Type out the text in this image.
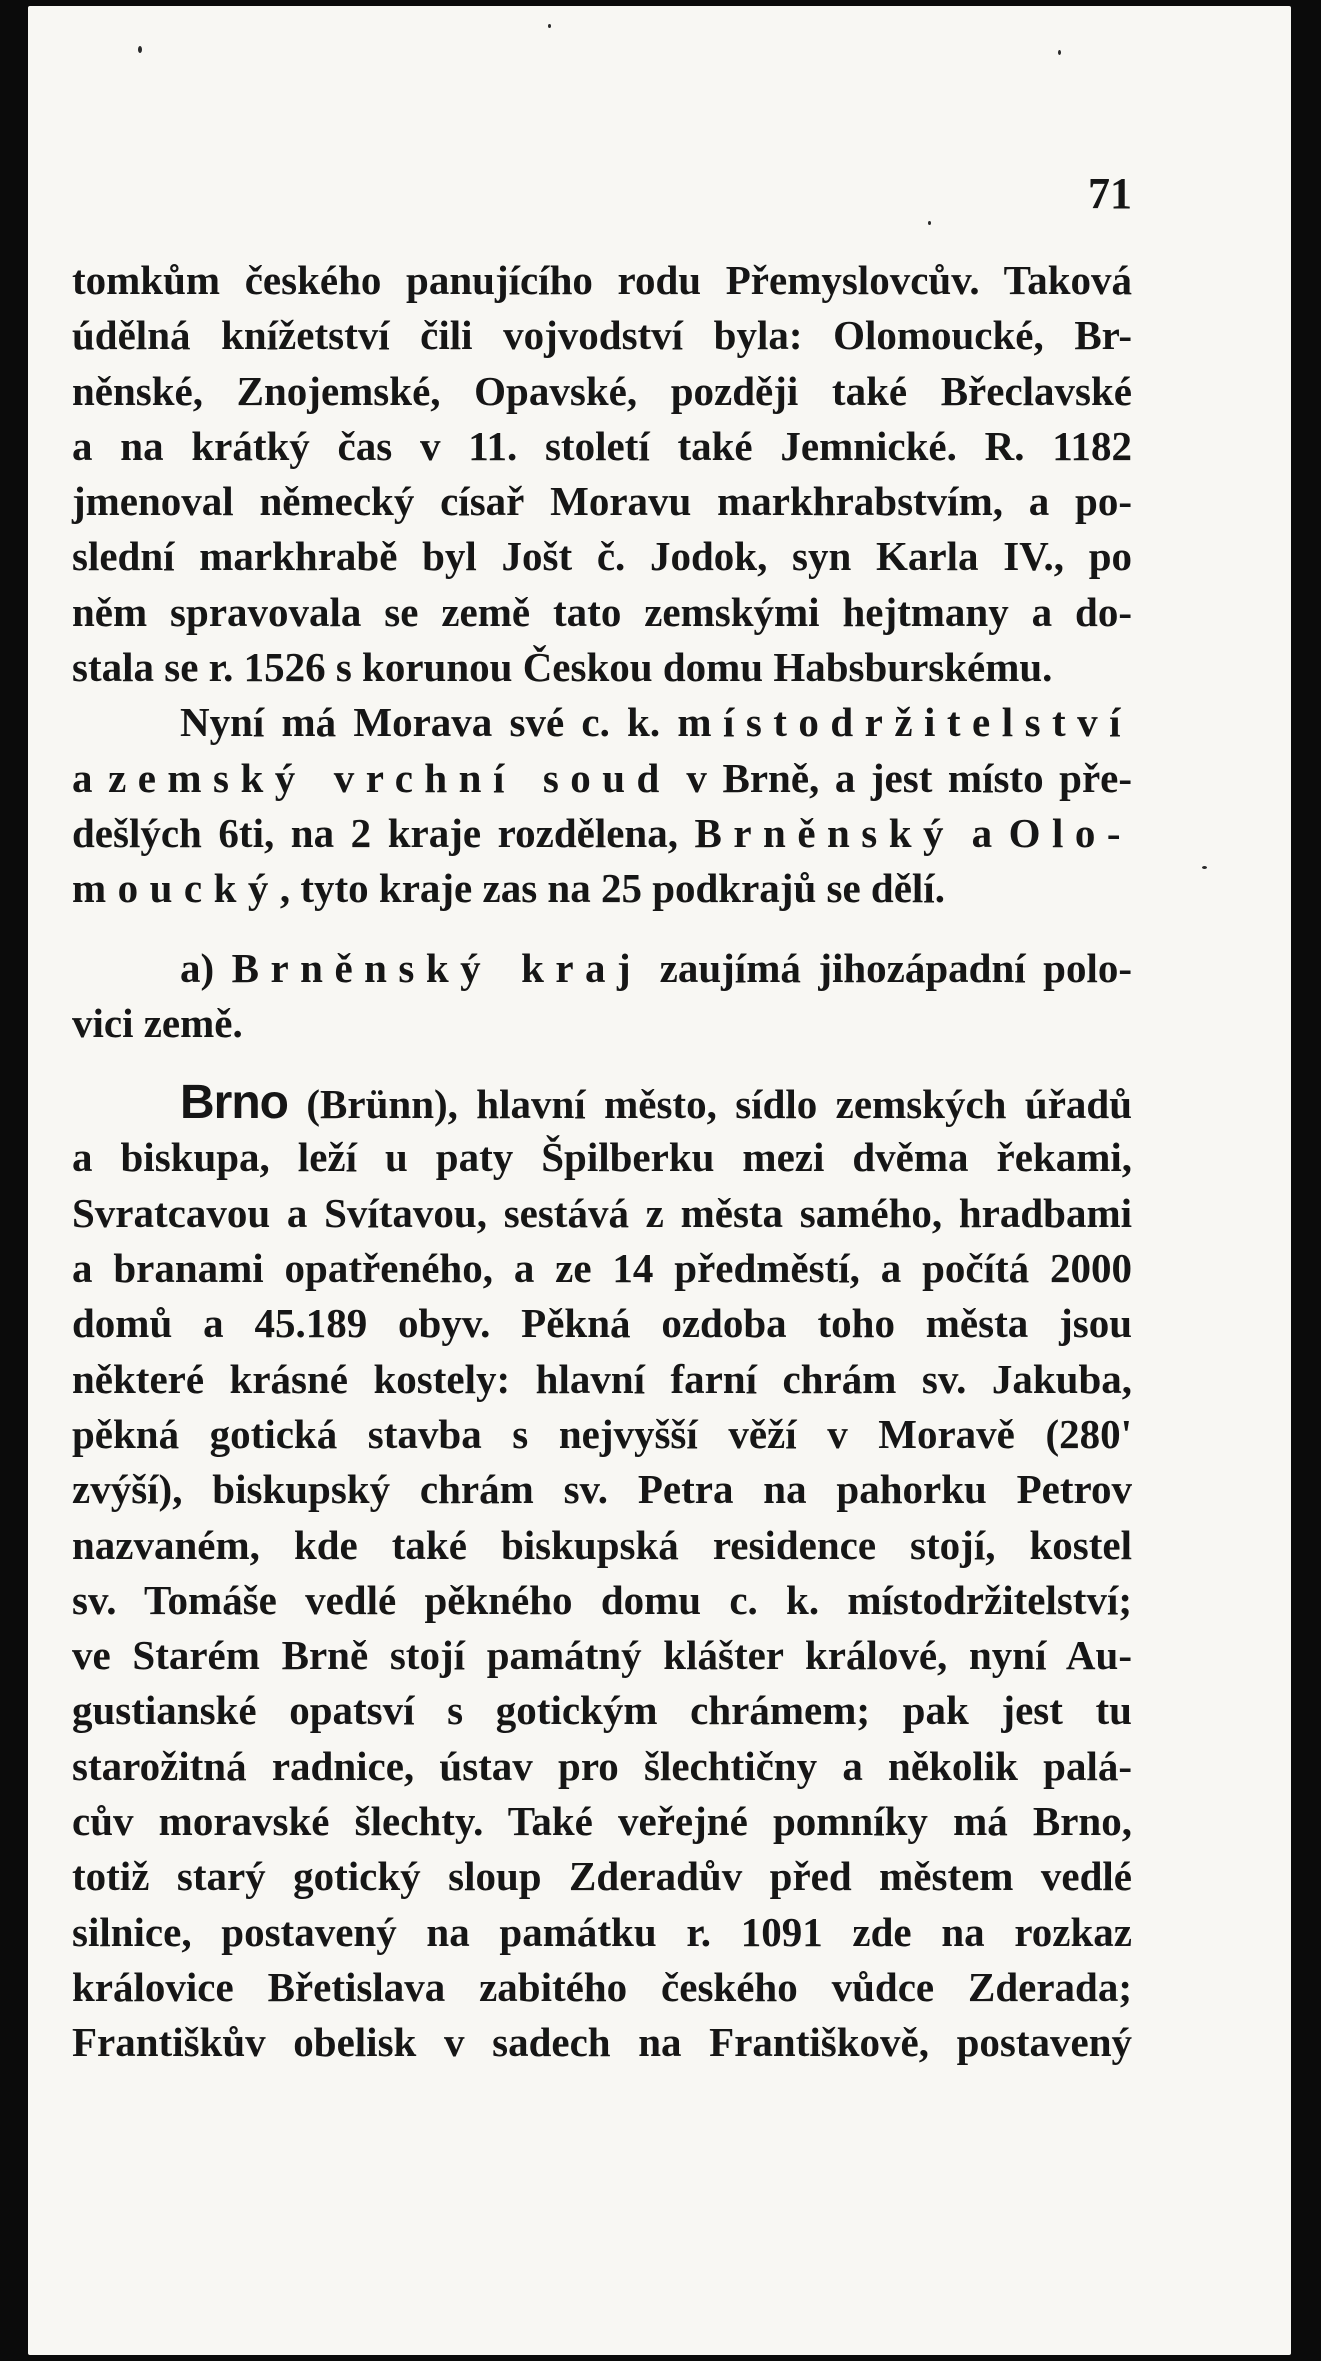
71
tomkům českého panujícího rodu Přemyslovcův. Taková
údělná knížetství čili vojvodství byla: Olomoucké, Br-
něnské, Znojemské, Opavské, později také Břeclavské
a na krátký čas v 11. století také Jemnické. R. 1182
jmenoval německý císař Moravu markhrabstvím, a po-
slední markhrabě byl Jošt č. Jodok, syn Karla IV., po
něm spravovala se země tato zemskými hejtmany a do-
stala se r. 1526 s korunou Českou domu Habsburskému.
Nyní má Morava své c. k. místodržitelství
a zemský vrchní soud v Brně, a jest místo pře-
dešlých 6ti, na 2 kraje rozdělena, Brněnský a Olo-
moucký, tyto kraje zas na 25 podkrajů se dělí.
a) Brněnský kraj zaujímá jihozápadní polo-
vici země.
Brno (Brünn), hlavní město, sídlo zemských úřadů
a biskupa, leží u paty Špilberku mezi dvěma řekami,
Svratcavou a Svítavou, sestává z města samého, hradbami
a branami opatřeného, a ze 14 předměstí, a počítá 2000
domů a 45.189 obyv. Pěkná ozdoba toho města jsou
některé krásné kostely: hlavní farní chrám sv. Jakuba,
pěkná gotická stavba s nejvyšší věží v Moravě (280'
zvýší), biskupský chrám sv. Petra na pahorku Petrov
nazvaném, kde také biskupská residence stojí, kostel
sv. Tomáše vedlé pěkného domu c. k. místodržitelství;
ve Starém Brně stojí památný klášter králové, nyní Au-
gustianské opatsví s gotickým chrámem; pak jest tu
starožitná radnice, ústav pro šlechtičny a několik palá-
cův moravské šlechty. Také veřejné pomníky má Brno,
totiž starý gotický sloup Zderadův před městem vedlé
silnice, postavený na památku r. 1091 zde na rozkaz
královice Břetislava zabitého českého vůdce Zderada;
Františkův obelisk v sadech na Františkově, postavený
